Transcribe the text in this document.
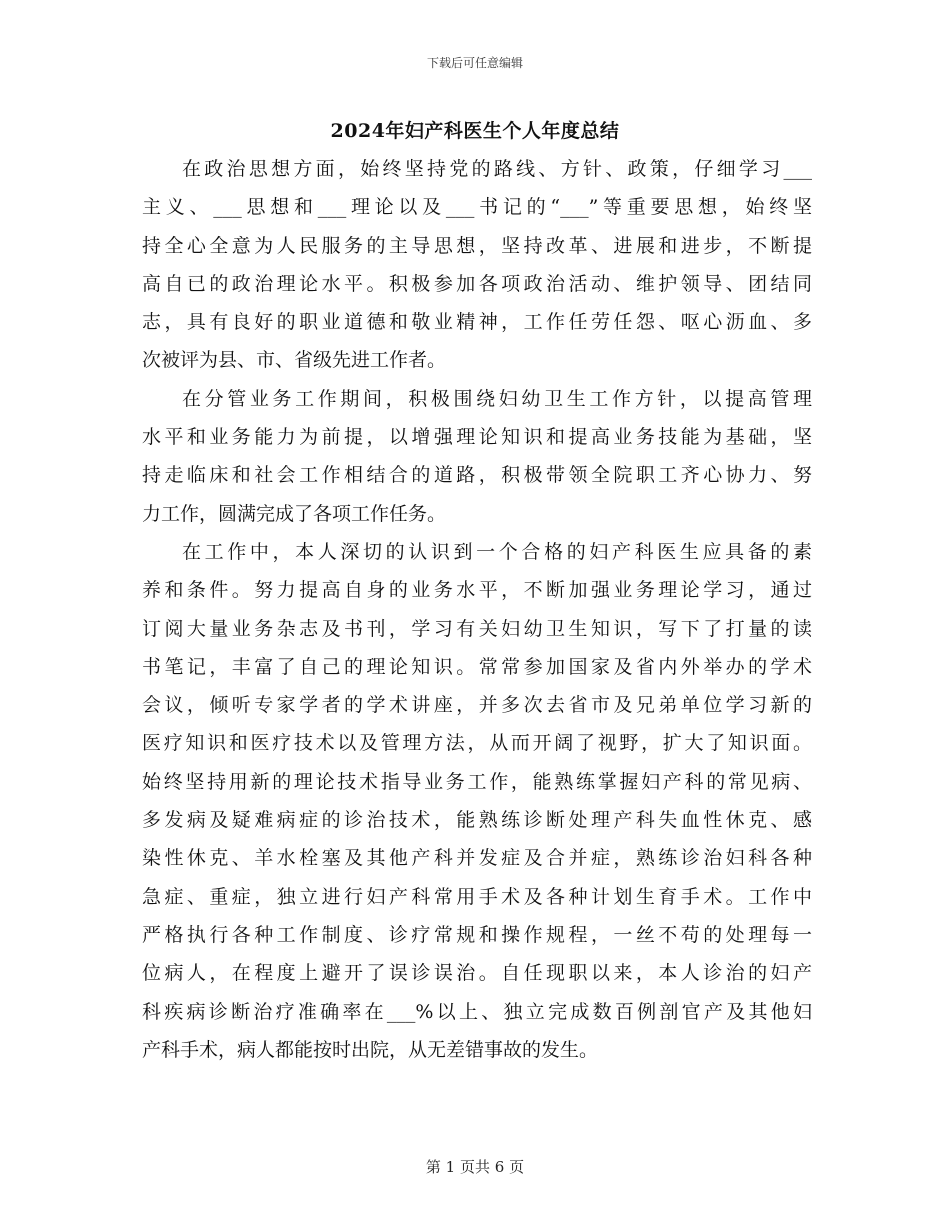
下载后可任意编辑
2024年妇产科医生个人年度总结
在政治思想方面，始终坚持党的路线、方针、政策，仔细学习___
主义、___思想和___理论以及___书记的“___”等重要思想，始终坚
持全心全意为人民服务的主导思想，坚持改革、进展和进步，不断提
高自已的政治理论水平。积极参加各项政治活动、维护领导、团结同
志，具有良好的职业道德和敬业精神，工作任劳任怨、呕心沥血、多
次被评为县、市、省级先进工作者。
在分管业务工作期间，积极围绕妇幼卫生工作方针，以提高管理
水平和业务能力为前提，以增强理论知识和提高业务技能为基础，坚
持走临床和社会工作相结合的道路，积极带领全院职工齐心协力、努
力工作，圆满完成了各项工作任务。
在工作中，本人深切的认识到一个合格的妇产科医生应具备的素
养和条件。努力提高自身的业务水平，不断加强业务理论学习，通过
订阅大量业务杂志及书刊，学习有关妇幼卫生知识，写下了打量的读
书笔记，丰富了自己的理论知识。常常参加国家及省内外举办的学术
会议，倾听专家学者的学术讲座，并多次去省市及兄弟单位学习新的
医疗知识和医疗技术以及管理方法，从而开阔了视野，扩大了知识面。
始终坚持用新的理论技术指导业务工作，能熟练掌握妇产科的常见病、
多发病及疑难病症的诊治技术，能熟练诊断处理产科失血性休克、感
染性休克、羊水栓塞及其他产科并发症及合并症，熟练诊治妇科各种
急症、重症，独立进行妇产科常用手术及各种计划生育手术。工作中
严格执行各种工作制度、诊疗常规和操作规程，一丝不苟的处理每一
位病人，在程度上避开了误诊误治。自任现职以来，本人诊治的妇产
科疾病诊断治疗准确率在___%以上、独立完成数百例剖官产及其他妇
产科手术，病人都能按时出院，从无差错事故的发生。
第 1 页共 6 页
